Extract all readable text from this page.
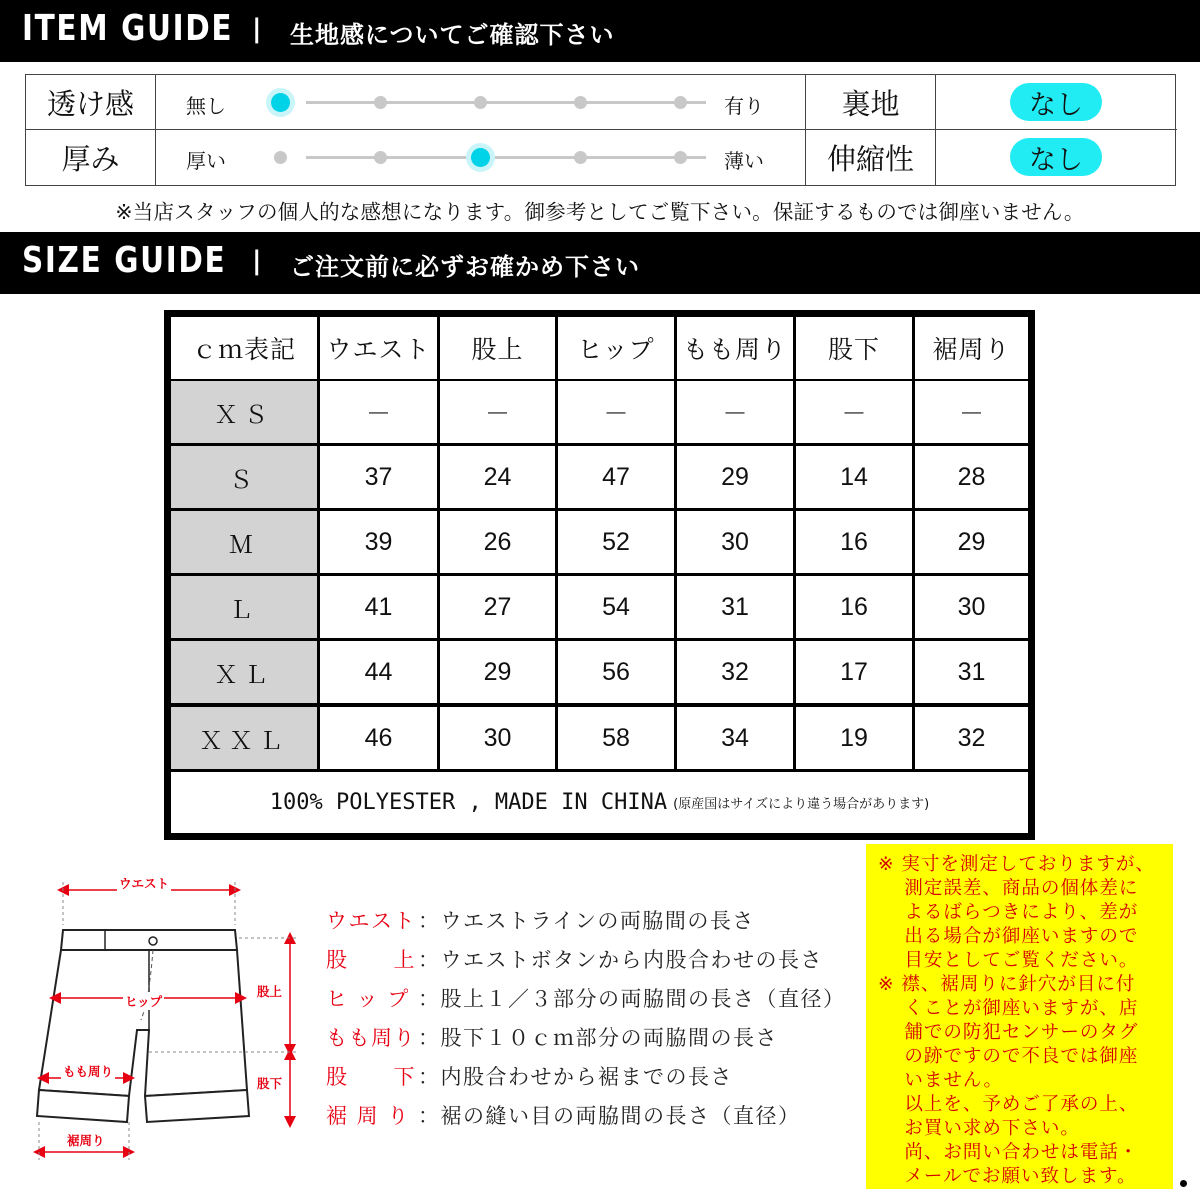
ITEM GUIDE | 生地感についてご確認下さい
透け感	無し	有り	裏地	なし
厚み	厚い	薄い	伸縮性	なし
※当店スタッフの個人的な感想になります。御参考としてご覧下さい。保証するものでは御座いません。
SIZE GUIDE | ご注文前に必ずお確かめ下さい
100% POLYESTER , MADE IN CHINA (原産国はサイズにより違う場合があります)
ｃｍ表記	ウエスト	股上	ヒップ	もも周り	股下	裾周り
ＸＳ	－	－	－	－	－	－
Ｓ	37	24	47	29	14	28
Ｍ	39	26	52	30	16	29
Ｌ	41	27	54	31	16	30
ＸＬ	44	29	56	32	17	31
ＸＸＬ	46	30	58	34	19	32
ウエスト
股上
ヒップ
もも周り
股下
裾周り
ウエスト ：ウエストラインの両脇間の長さ
股　　上 ：ウエストボタンから内股合わせの長さ
ヒ ッ プ ：股上１／３部分の両脇間の長さ（直径）
もも周り ：股下１０ｃｍ部分の両脇間の長さ
股　　下 ：内股合わせから裾までの長さ
裾 周 り ：裾の縫い目の両脇間の長さ（直径）
※ 実寸を測定しておりますが、
　 測定誤差、商品の個体差に
　 よるばらつきにより、差が
　 出る場合が御座いますので
　 目安としてご覧ください。
※ 襟、裾周りに針穴が目に付
　 くことが御座いますが、店
　 舗での防犯センサーのタグ
　 の跡ですので不良では御座
　 いません。
　 以上を、予めご了承の上、
　 お買い求め下さい。
　 尚、お問い合わせは電話・
　 メールでお願い致します。
